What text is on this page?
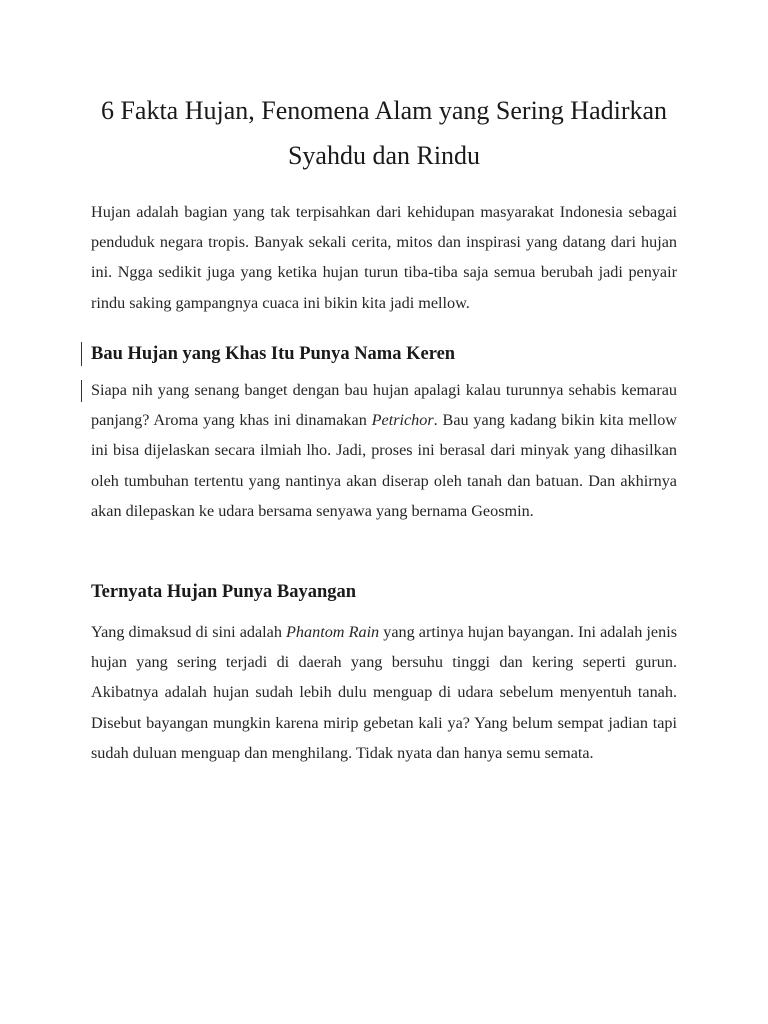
6 Fakta Hujan, Fenomena Alam yang Sering Hadirkan Syahdu dan Rindu

Hujan adalah bagian yang tak terpisahkan dari kehidupan masyarakat Indonesia sebagai penduduk negara tropis. Banyak sekali cerita, mitos dan inspirasi yang datang dari hujan ini. Ngga sedikit juga yang ketika hujan turun tiba-tiba saja semua berubah jadi penyair rindu saking gampangnya cuaca ini bikin kita jadi mellow.

Bau Hujan yang Khas Itu Punya Nama Keren

Siapa nih yang senang banget dengan bau hujan apalagi kalau turunnya sehabis kemarau panjang? Aroma yang khas ini dinamakan Petrichor. Bau yang kadang bikin kita mellow ini bisa dijelaskan secara ilmiah lho. Jadi, proses ini berasal dari minyak yang dihasilkan oleh tumbuhan tertentu yang nantinya akan diserap oleh tanah dan batuan. Dan akhirnya akan dilepaskan ke udara bersama senyawa yang bernama Geosmin.

Ternyata Hujan Punya Bayangan

Yang dimaksud di sini adalah Phantom Rain yang artinya hujan bayangan. Ini adalah jenis hujan yang sering terjadi di daerah yang bersuhu tinggi dan kering seperti gurun. Akibatnya adalah hujan sudah lebih dulu menguap di udara sebelum menyentuh tanah. Disebut bayangan mungkin karena mirip gebetan kali ya? Yang belum sempat jadian tapi sudah duluan menguap dan menghilang. Tidak nyata dan hanya semu semata.
